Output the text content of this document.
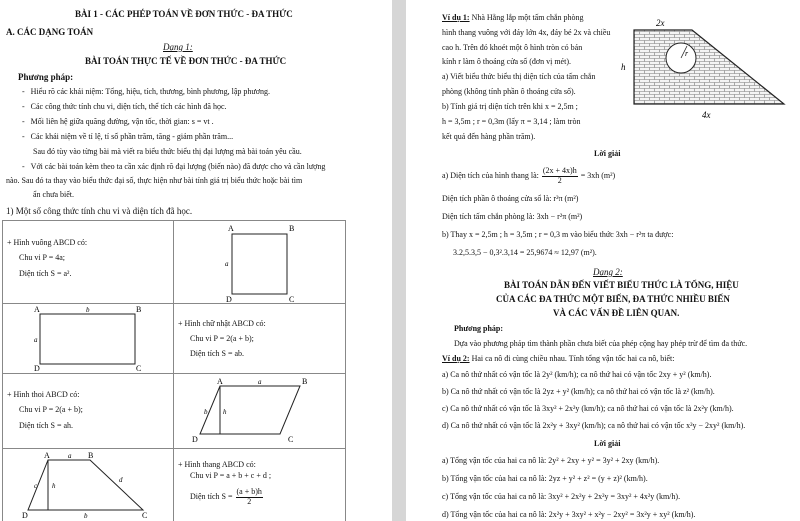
BÀI 1 - CÁC PHÉP TOÁN VỀ ĐƠN THỨC - ĐA THỨC
A. CÁC DẠNG TOÁN
Dạng 1:
BÀI TOÁN THỰC TẾ VỀ ĐƠN THỨC - ĐA THỨC
Phương pháp:
-   Hiểu rõ các khái niệm: Tổng, hiệu, tích, thương, bình phương, lập phương.
-   Các công thức tính chu vi, diện tích, thể tích các hình đã học.
-   Mối liên hệ giữa quãng đường, vận tốc, thời gian: s = vt .
-   Các khái niệm về tỉ lệ, tỉ số phần trăm, tăng - giảm phần trăm...
Sau đó tùy vào từng bài mà viết ra biểu thức biểu thị đại lượng mà bài toán yêu cầu.
-   Với các bài toán kèm theo ta cần xác định rõ đại lượng (biến nào) đã được cho và cần lượng
nào. Sau đó ta thay vào biểu thức đại số, thực hiện như bài tính giá trị biểu thức hoặc bài tìm
ẩn chưa biết.
1) Một số công thức tính chu vi và diện tích đã học.
+ Hình vuông ABCD có:
Chu vi P = 4a;
Diện tích S = a².
A	B
C
D
a
A	B
C
D
a
b
+ Hình chữ nhật ABCD có:
Chu vi P = 2(a + b);
Diện tích S = ab.
+ Hình thoi ABCD có:
Chu vi P = 2(a + b);
Diện tích S = ah.
A	B
C
D
b
a
h
A	B
C
D
a
b
c
d
h
+ Hình thang ABCD có:
Chu vi P = a + b + c + d ;
Diện tích $S = \frac{(a + b)h}{2}$
Ví dụ 1: Nhà Hằng lắp một tấm chắn phòng
hình thang vuông với đáy lớn 4x, đáy bé 2x và chiều
cao h. Trên đó khoét một ô hình tròn có bán
kính r làm ô thoáng cửa số (đơn vị mét).
a) Viết biểu thức biểu thị diện tích của tấm chắn
phòng (không tính phần ô thoáng cửa số).
b) Tính giá trị diện tích trên khi x = 2,5m ;
h = 3,5m ; r = 0,3m (lấy π = 3,14 ; làm tròn
kết quả đến hàng phần trăm).
r
2x
4x
h
Lời giải
a) Diện tích của hình thang là: $\frac{(2x + 4x)h}{2} = 3xh$ (m²)
Diện tích phần ô thoáng cửa sổ là: r²π (m²)
Diện tích tấm chắn phòng là: 3xh − r²π (m²)
b) Thay x = 2,5m ; h = 3,5m ; r = 0,3 m vào biểu thức 3xh − r²π ta được:
3.2,5.3,5 − 0,3².3,14 = 25,9674 ≈ 12,97 (m²).
Dạng 2:
BÀI TOÁN DẪN ĐẾN VIẾT BIỂU THỨC LÀ TỔNG, HIỆU
CỦA CÁC ĐA THỨC MỘT BIẾN, ĐA THỨC NHIỀU BIẾN
VÀ CÁC VẤN ĐỀ LIÊN QUAN.
Phương pháp:
Dựa vào phương pháp tìm thành phần chưa biết của phép cộng hay phép trừ để tìm đa thức.
Ví dụ 2: Hai ca nô đi cùng chiều nhau. Tính tổng vận tốc hai ca nô, biết:
a) Ca nô thứ nhất có vận tốc là 2y² (km/h); ca nô thứ hai có vận tốc 2xy + y² (km/h).
b) Ca nô thứ nhất có vận tốc là 2yz + y² (km/h); ca nô thứ hai có vận tốc là z² (km/h).
c) Ca nô thứ nhất có vận tốc là 3xy² + 2x²y (km/h); ca nô thứ hai có vận tốc là 2x²y (km/h).
d) Ca nô thứ nhất có vận tốc là 2x²y + 3xy² (km/h); ca nô thứ hai có vận tốc x²y − 2xy² (km/h).
Lời giải
a) Tổng vận tốc của hai ca nô là: 2y² + 2xy + y² = 3y² + 2xy (km/h).
b) Tổng vận tốc của hai ca nô là: 2yz + y² + z² = (y + z)² (km/h).
c) Tổng vận tốc của hai ca nô là: 3xy² + 2x²y + 2x²y = 3xy² + 4x²y (km/h).
d) Tổng vận tốc của hai ca nô là: 2x²y + 3xy² + x²y − 2xy² = 3x²y + xy² (km/h).
